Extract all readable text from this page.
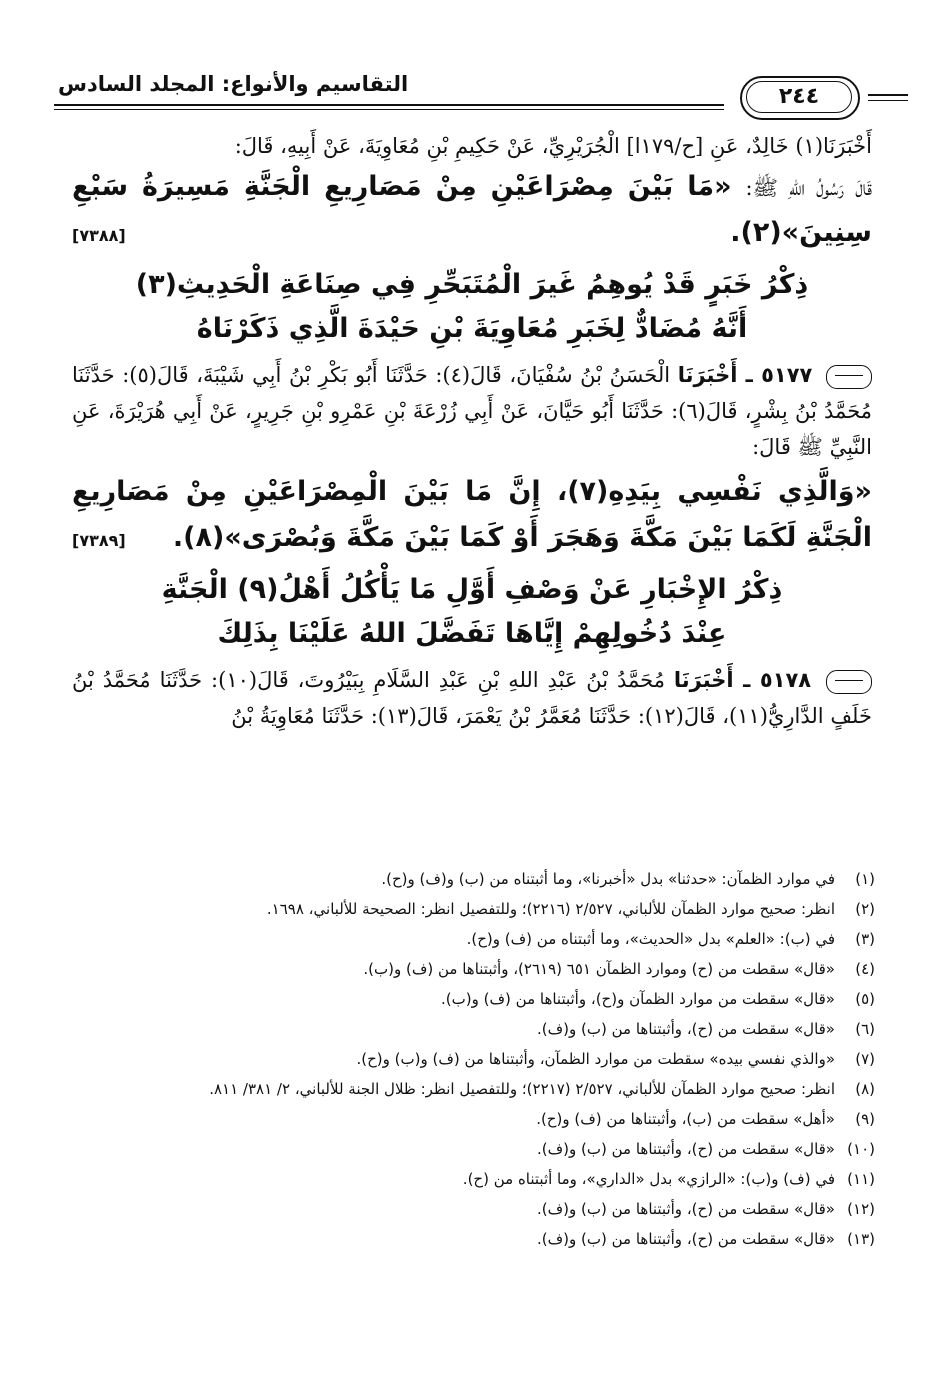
التقاسيم والأنواع: المجلد السادس	٢٤٤

أَخْبَرَنَا(١) خَالِدٌ، عَنِ [ح/١٧٩ا] الْجُرَيْرِيِّ، عَنْ حَكِيمِ بْنِ مُعَاوِيَةَ، عَنْ أَبِيهِ، قَالَ:

قَالَ رَسُولُ اللهِ ﷺ: «مَا بَيْنَ مِصْرَاعَيْنِ مِنْ مَصَارِيعِ الْجَنَّةِ مَسِيرَةُ سَبْعِ سِنِينَ»(٢).

[٧٣٨٨]

ذِكْرُ خَبَرٍ قَدْ يُوهِمُ غَيرَ الْمُتَبَحِّرِ فِي صِنَاعَةِ الْحَدِيثِ(٣)

أَنَّهُ مُضَادٌّ لِخَبَرِ مُعَاوِيَةَ بْنِ حَيْدَةَ الَّذِي ذَكَرْنَاهُ

٥١٧٧ ـ أَخْبَرَنَا الْحَسَنُ بْنُ سُفْيَانَ، قَالَ(٤): حَدَّثَنَا أَبُو بَكْرِ بْنُ أَبِي شَيْبَةَ، قَالَ(٥): حَدَّثَنَا مُحَمَّدُ بْنُ بِشْرٍ، قَالَ(٦): حَدَّثَنَا أَبُو حَيَّانَ، عَنْ أَبِي زُرْعَةَ بْنِ عَمْرِو بْنِ جَرِيرٍ، عَنْ أَبِي هُرَيْرَةَ، عَنِ النَّبِيِّ ﷺ قَالَ:

«وَالَّذِي نَفْسِي بِيَدِهِ(٧)، إِنَّ مَا بَيْنَ الْمِصْرَاعَيْنِ مِنْ مَصَارِيعِ الْجَنَّةِ لَكَمَا بَيْنَ مَكَّةَ وَهَجَرَ أَوْ كَمَا بَيْنَ مَكَّةَ وَبُصْرَى»(٨).

[٧٣٨٩]

ذِكْرُ الإِخْبَارِ عَنْ وَصْفِ أَوَّلِ مَا يَأْكُلُ أَهْلُ(٩) الْجَنَّةِ

عِنْدَ دُخُولِهِمْ إِيَّاهَا تَفَضَّلَ اللهُ عَلَيْنَا بِذَلِكَ

٥١٧٨ ـ أَخْبَرَنَا مُحَمَّدُ بْنُ عَبْدِ اللهِ بْنِ عَبْدِ السَّلَامِ بِبَيْرُوتَ، قَالَ(١٠): حَدَّثَنَا مُحَمَّدُ بْنُ خَلَفٍ الدَّارِيُّ(١١)، قَالَ(١٢): حَدَّثَنَا مُعَمَّرُ بْنُ يَعْمَرَ، قَالَ(١٣): حَدَّثَنَا مُعَاوِيَةُ بْنُ

(١)
في موارد الظمآن: «حدثنا» بدل «أخبرنا»، وما أثبتناه من (ب) و(ف) و(ح).
(٢)
انظر: صحيح موارد الظمآن للألباني، ٢/٥٢٧ (٢٢١٦)؛ وللتفصيل انظر: الصحيحة للألباني، ١٦٩٨.
(٣)
في (ب): «العلم» بدل «الحديث»، وما أثبتناه من (ف) و(ح).
(٤)
«قال» سقطت من (ح) وموارد الظمآن ٦٥١ (٢٦١٩)، وأثبتناها من (ف) و(ب).
(٥)
«قال» سقطت من موارد الظمآن و(ح)، وأثبتناها من (ف) و(ب).
(٦)
«قال» سقطت من (ح)، وأثبتناها من (ب) و(ف).
(٧)
«والذي نفسي بيده» سقطت من موارد الظمآن، وأثبتناها من (ف) و(ب) و(ح).
(٨)
انظر: صحيح موارد الظمآن للألباني، ٢/٥٢٧ (٢٢١٧)؛ وللتفصيل انظر: ظلال الجنة للألباني، ٢/ ٣٨١/ ٨١١.
(٩)
«أهل» سقطت من (ب)، وأثبتناها من (ف) و(ح).
(١٠)
«قال» سقطت من (ح)، وأثبتناها من (ب) و(ف).
(١١)
في (ف) و(ب): «الرازي» بدل «الداري»، وما أثبتناه من (ح).
(١٢)
«قال» سقطت من (ح)، وأثبتناها من (ب) و(ف).
(١٣)
«قال» سقطت من (ح)، وأثبتناها من (ب) و(ف).
